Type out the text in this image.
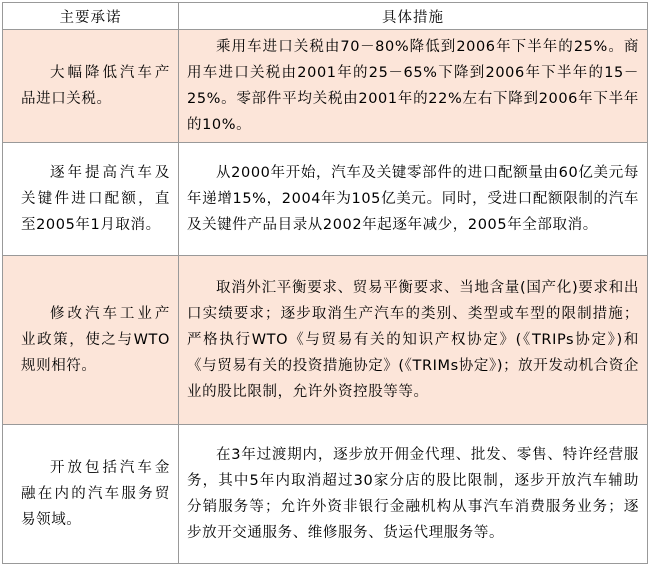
主要承诺	具体措施

大幅降低汽车产品进口关税。	乘用车进口关税由70－80%降低到2006年下半年的25%。商用车进口关税由2001年的25－65%下降到2006年下半年的15－25%。零部件平均关税由2001年的22%左右下降到2006年下半年的10%。

逐年提高汽车及关键件进口配额，直至2005年1月取消。	从2000年开始，汽车及关键零部件的进口配额量由60亿美元每年递增15%，2004年为105亿美元。同时，受进口配额限制的汽车及关键件产品目录从2002年起逐年减少，2005年全部取消。

修改汽车工业产业政策，使之与WTO规则相符。	取消外汇平衡要求、贸易平衡要求、当地含量(国产化)要求和出口实绩要求；逐步取消生产汽车的类别、类型或车型的限制措施；严格执行WTO《与贸易有关的知识产权协定》(《TRIPs协定》)和《与贸易有关的投资措施协定》(《TRIMs协定》)；放开发动机合资企业的股比限制，允许外资控股等等。

开放包括汽车金融在内的汽车服务贸易领域。	在3年过渡期内，逐步放开佣金代理、批发、零售、特许经营服务，其中5年内取消超过30家分店的股比限制，逐步开放汽车辅助分销服务等；允许外资非银行金融机构从事汽车消费服务业务；逐步放开交通服务、维修服务、货运代理服务等。
